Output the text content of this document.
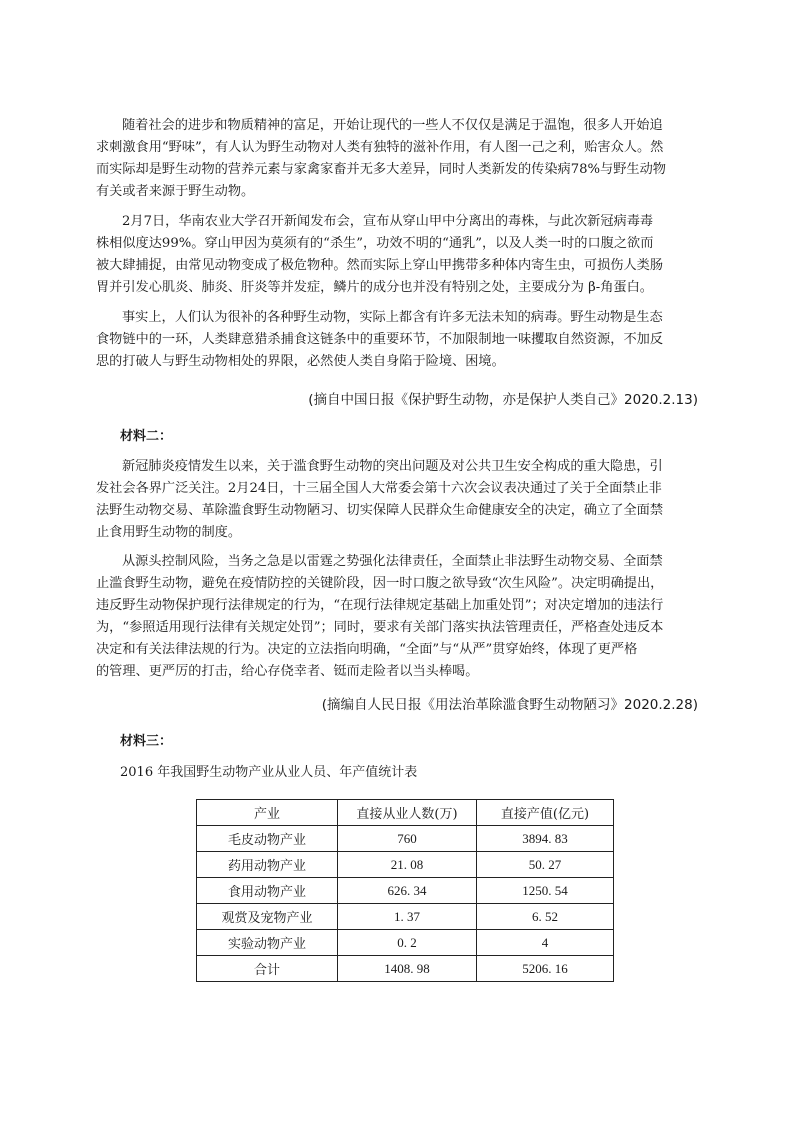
随着社会的进步和物质精神的富足，开始让现代的一些人不仅仅是满足于温饱，很多人开始追
求刺激食用“野味”，有人认为野生动物对人类有独特的滋补作用，有人图一己之利，贻害众人。然
而实际却是野生动物的营养元素与家禽家畜并无多大差异，同时人类新发的传染病78%与野生动物
有关或者来源于野生动物。

2月7日，华南农业大学召开新闻发布会，宣布从穿山甲中分离出的毒株，与此次新冠病毒毒
株相似度达99%。穿山甲因为莫须有的“杀生”，功效不明的“通乳”，以及人类一时的口腹之欲而
被大肆捕捉，由常见动物变成了极危物种。然而实际上穿山甲携带多种体内寄生虫，可损伤人类肠
胃并引发心肌炎、肺炎、肝炎等并发症，鳞片的成分也并没有特别之处，主要成分为 β-角蛋白。

事实上，人们认为很补的各种野生动物，实际上都含有许多无法未知的病毒。野生动物是生态
食物链中的一环，人类肆意猎杀捕食这链条中的重要环节，不加限制地一味攫取自然资源，不加反
思的打破人与野生动物相处的界限，必然使人类自身陷于险境、困境。

(摘自中国日报《保护野生动物，亦是保护人类自己》2020.2.13)

材料二：

新冠肺炎疫情发生以来，关于滥食野生动物的突出问题及对公共卫生安全构成的重大隐患，引
发社会各界广泛关注。2月24日，十三届全国人大常委会第十六次会议表决通过了关于全面禁止非
法野生动物交易、革除滥食野生动物陋习、切实保障人民群众生命健康安全的决定，确立了全面禁
止食用野生动物的制度。

从源头控制风险，当务之急是以雷霆之势强化法律责任，全面禁止非法野生动物交易、全面禁
止滥食野生动物，避免在疫情防控的关键阶段，因一时口腹之欲导致“次生风险”。决定明确提出，
违反野生动物保护现行法律规定的行为，“在现行法律规定基础上加重处罚”；对决定增加的违法行
为，“参照适用现行法律有关规定处罚”；同时，要求有关部门落实执法管理责任，严格查处违反本
决定和有关法律法规的行为。决定的立法指向明确，“全面”与“从严”贯穿始终，体现了更严格
的管理、更严厉的打击，给心存侥幸者、铤而走险者以当头棒喝。

(摘编自人民日报《用法治革除滥食野生动物陋习》2020.2.28)

材料三：

2016 年我国野生动物产业从业人员、年产值统计表

产业	直接从业人数(万)	直接产值(亿元)
毛皮动物产业	760	3894. 83
药用动物产业	21. 08	50. 27
食用动物产业	626. 34	1250. 54
观赏及宠物产业	1. 37	6. 52
实验动物产业	0. 2	4
合计	1408. 98	5206. 16
